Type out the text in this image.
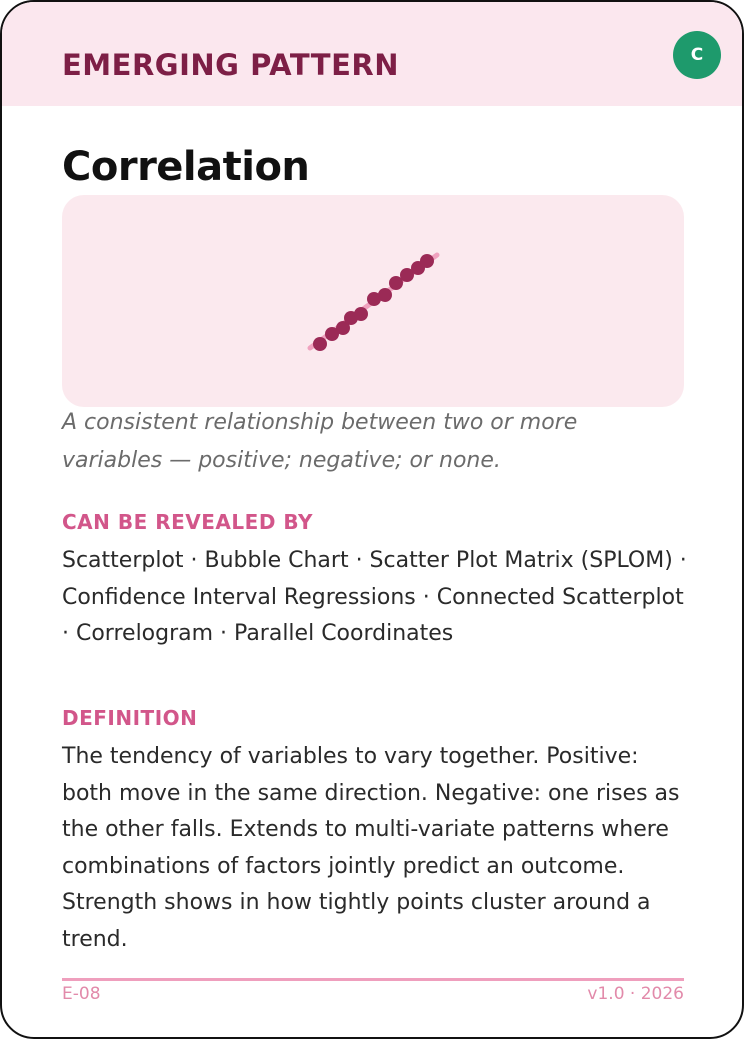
EMERGING PATTERN	C
Correlation
A consistent relationship between two or more variables — positive; negative; or none.
CAN BE REVEALED BY
Scatterplot · Bubble Chart · Scatter Plot Matrix (SPLOM) · Confidence Interval Regressions · Connected Scatterplot · Correlogram · Parallel Coordinates
DEFINITION
The tendency of variables to vary together. Positive: both move in the same direction. Negative: one rises as the other falls. Extends to multi-variate patterns where combinations of factors jointly predict an outcome. Strength shows in how tightly points cluster around a trend.
E-08	v1.0 · 2026
